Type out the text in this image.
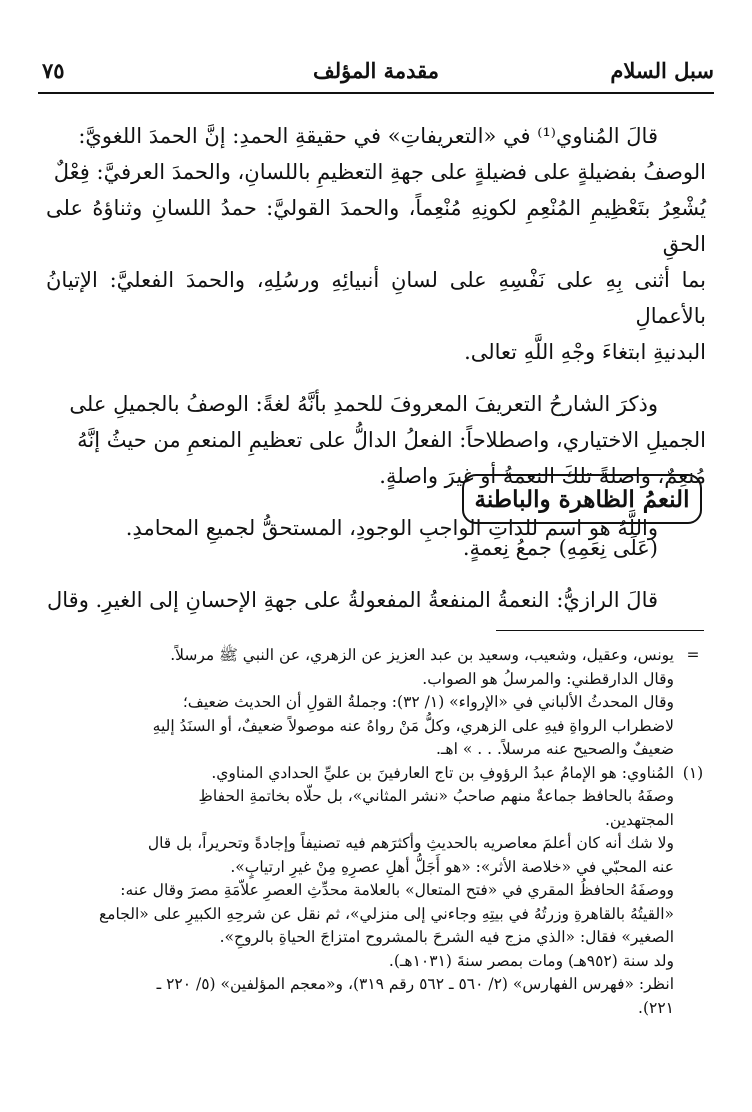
سبل السلام
مقدمة المؤلف
٧٥

قالَ المُناوي⁽¹⁾ في «التعريفاتِ» في حقيقةِ الحمدِ: إنَّ الحمدَ اللغويَّ:

الوصفُ بفضيلةٍ على فضيلةٍ على جهةِ التعظيمِ باللسانِ، والحمدَ العرفيَّ: فِعْلٌ

يُشْعِرُ بتَعْظِيمِ المُنْعِمِ لكونِهِ مُنْعِماً، والحمدَ القوليَّ: حمدُ اللسانِ وثناؤهُ على الحقِ

بما أثنى بِهِ على نَفْسِهِ على لسانِ أنبيائِهِ ورسُلِهِ، والحمدَ الفعليَّ: الإتيانُ بالأعمالِ

البدنيةِ ابتغاءَ وجْهِ اللَّهِ تعالى.

وذكرَ الشارحُ التعريفَ المعروفَ للحمدِ بأنَّهُ لغةً: الوصفُ بالجميلِ على

الجميلِ الاختياري، واصطلاحاً: الفعلُ الدالُّ على تعظيمِ المنعمِ من حيثُ إنَّهُ

مُنعِمٌ، واصلةً تلكَ النعمةُ أو غيرَ واصلةٍ.

واللَّهُ هو اسم للذاتِ الواجبِ الوجودِ، المستحقُّ لجميعِ المحامدِ.

النعمُ الظاهرة والباطنة

(عَلَى نِعَمِهِ) جمعُ نِعمةٍ.

قالَ الرازيُّ: النعمةُ المنفعةُ المفعولةُ على جهةِ الإحسانِ إلى الغيرِ. وقال

=
يونس، وعقيل، وشعيب، وسعيد بن عبد العزيز عن الزهري، عن النبي ﷺ مرسلاً.
وقال الدارقطني: والمرسلُ هو الصواب.
وقال المحدثُ الألباني في «الإرواء» (١/ ٣٢): وجملةُ القولِ أن الحديث ضعيف؛
لاضطراب الرواةِ فيهِ على الزهري، وكلُّ مَنْ رواهُ عنه موصولاً ضعيفٌ، أو السنَدُ إليهِ
ضعيفٌ والصحيح عنه مرسلاً. . . » اهـ.
(١)
المُناوي: هو الإمامُ عبدُ الرؤوفِ بن تاج العارفينَ بن عليِّ الحدادي المناوي.
وصفَهُ بالحافظ جماعةٌ منهم صاحبُ «نشر المثاني»، بل حلّاه بخاتمةِ الحفاظِ
المجتهدين.
ولا شك أنه كان أعلمَ معاصريه بالحديثِ وأكثرَهم فيه تصنيفاً وإجادةً وتحريراً، بل قال
عنه المحبّي في «خلاصة الأثر»: «هو أَجَلُّ أهلِ عصرِهِ مِنْ غيرِ ارتيابٍ».
ووصفَهُ الحافظُ المقري في «فتح المتعال» بالعلامة محدِّثِ العصرِ علاّمَةِ مصرَ وقال عنه:
«القيتُهُ بالقاهرةِ وزرتُهُ في بيتِهِ وجاءني إلى منزلي»، ثم نقل عن شرحِهِ الكبيرِ على «الجامع
الصغير» فقال: «الذي مزج فيه الشرحَ بالمشروح امتزاجَ الحياةِ بالروحِ».
ولد سنة (٩٥٢هـ) ومات بمصر سنةَ (١٠٣١هـ).
انظر: «فهرس الفهارس» (٢/ ٥٦٠ ـ ٥٦٢ رقم ٣١٩)، و«معجم المؤلفين» (٥/ ٢٢٠ ـ
٢٢١).
